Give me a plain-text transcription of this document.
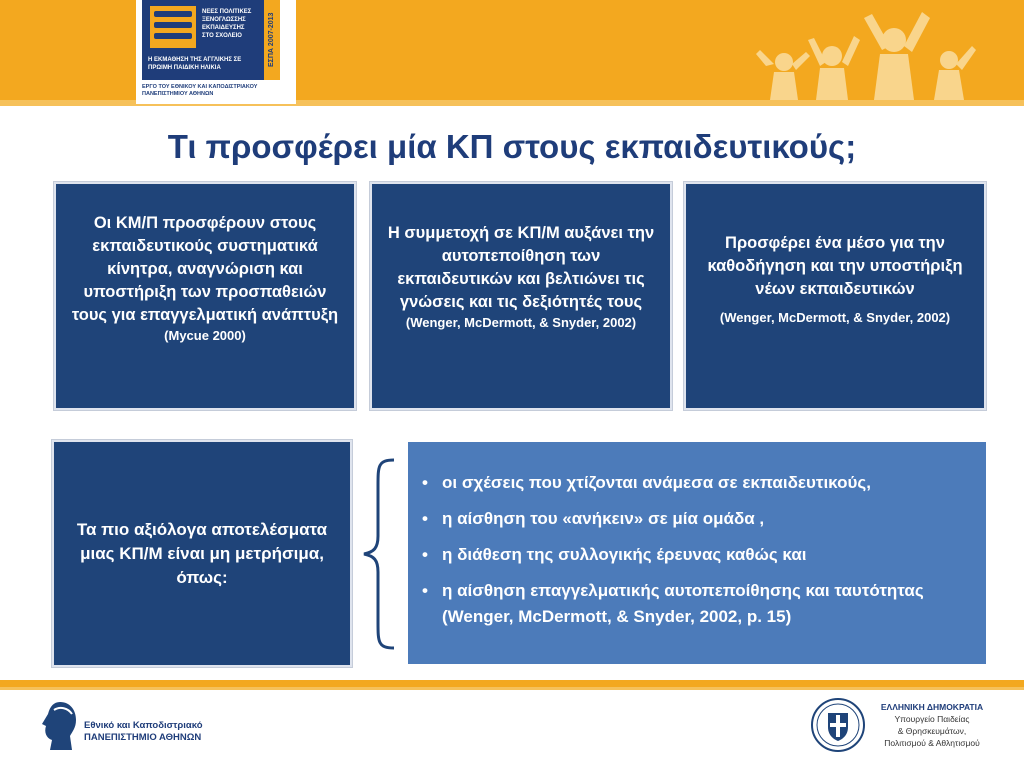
ΝΕΕΣ ΠΟΛΙΤΙΚΕΣ
ΞΕΝΟΓΛΩΣΣΗΣ
ΕΚΠΑΙΔΕΥΣΗΣ
ΣΤΟ ΣΧΟΛΕΙΟ	ΕΣΠΑ 2007-2013
Η ΕΚΜΑΘΗΣΗ ΤΗΣ ΑΓΓΛΙΚΗΣ ΣΕ
ΠΡΩΙΜΗ ΠΑΙΔΙΚΗ ΗΛΙΚΙΑ
ΕΡΓΟ ΤΟΥ ΕΘΝΙΚΟΥ ΚΑΙ ΚΑΠΟΔΙΣΤΡΙΑΚΟΥ
ΠΑΝΕΠΙΣΤΗΜΙΟΥ ΑΘΗΝΩΝ
Τι προσφέρει μία ΚΠ στους εκπαιδευτικούς;
Οι ΚΜ/Π προσφέρουν στους εκπαιδευτικούς συστηματικά κίνητρα, αναγνώριση και υποστήριξη των προσπαθειών τους για επαγγελματική ανάπτυξη
(Mycue 2000)
Η συμμετοχή σε ΚΠ/Μ αυξάνει την αυτοπεποίθηση των εκπαιδευτικών και βελτιώνει τις γνώσεις και τις δεξιότητές τους
(Wenger, McDermott, & Snyder, 2002)
Προσφέρει ένα μέσο για την καθοδήγηση και την υποστήριξη νέων εκπαιδευτικών
(Wenger, McDermott, & Snyder, 2002)
Τα πιο αξιόλογα αποτελέσματα μιας ΚΠ/Μ είναι μη μετρήσιμα, όπως:
• οι σχέσεις που χτίζονται ανάμεσα σε εκπαιδευτικούς,
• η αίσθηση του «ανήκειν» σε μία ομάδα ,
• η διάθεση της συλλογικής έρευνας καθώς και
• η αίσθηση επαγγελματικής αυτοπεποίθησης και ταυτότητας (Wenger, McDermott, & Snyder, 2002, p. 15)
Εθνικό και Καποδιστριακό
ΠΑΝΕΠΙΣΤΗΜΙΟ ΑΘΗΝΩΝ
ΕΛΛΗΝΙΚΗ ΔΗΜΟΚΡΑΤΙΑ
Υπουργείο Παιδείας
& Θρησκευμάτων,
Πολιτισμού & Αθλητισμού
